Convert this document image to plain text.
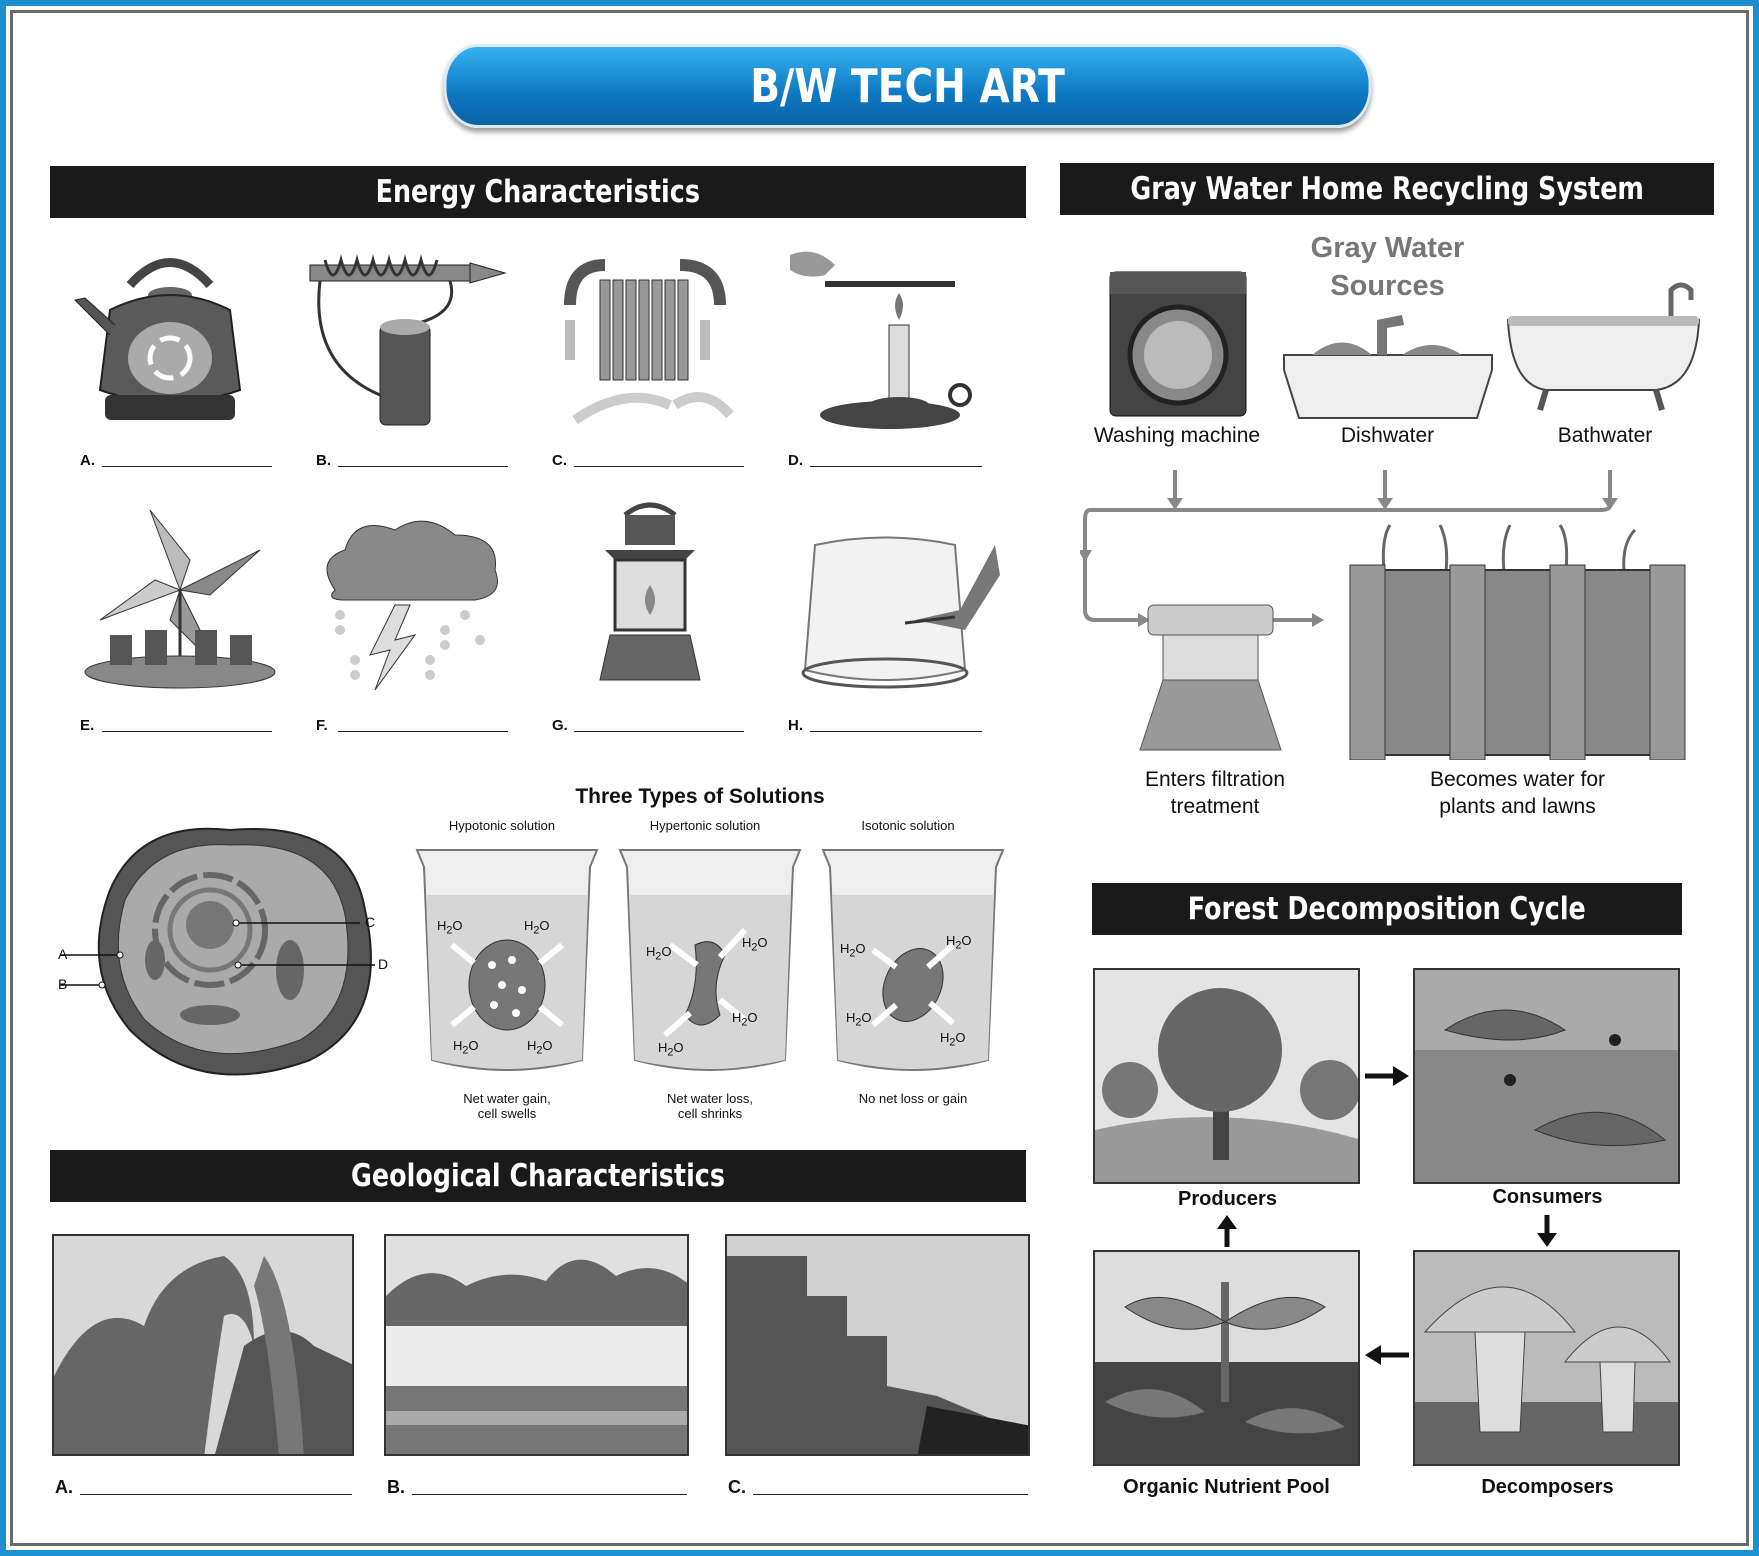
B/W TECH ART
Energy Characteristics
A.	B.	C.	D.
E.	F.	G.	H.
A
B
C
D
Three Types of Solutions
Hypotonic solution	Hypertonic solution	Isotonic solution
$H_2O$	$H_2O$
$H_2O$	$H_2O$
$H_2O$
$H_2O$
$H_2O$
$H_2O$
$H_2O$
$H_2O$
$H_2O$
$H_2O$
Net water gain,
cell swells
Net water loss,
cell shrinks
No net loss or gain
Geological Characteristics
A.	B.	C.
Gray Water Home Recycling System
Gray Water
Sources
Washing machine	Dishwater	Bathwater
Enters filtration
treatment
Becomes water for
plants and lawns
Forest Decomposition Cycle
Producers	Consumers
Decomposers
Organic Nutrient Pool
